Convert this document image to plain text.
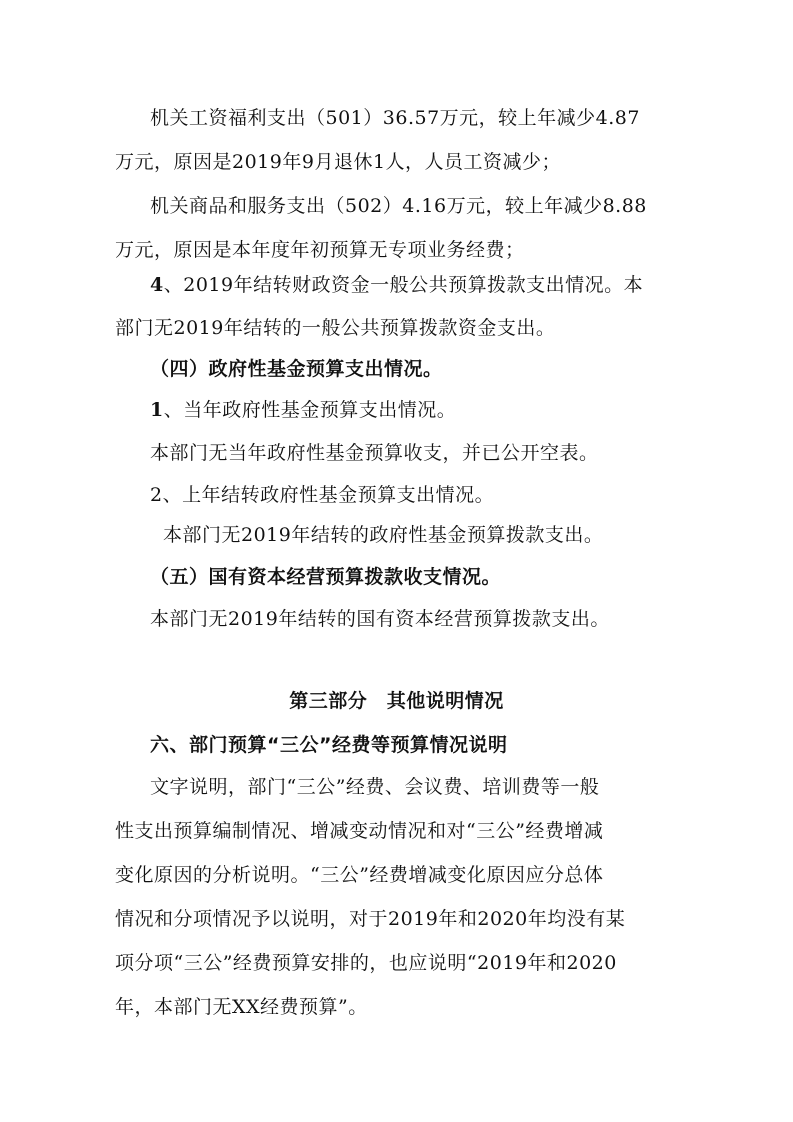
机关工资福利支出（501）36.57万元，较上年减少4.87
万元，原因是2019年9月退休1人，人员工资减少；
机关商品和服务支出（502）4.16万元，较上年减少8.88
万元，原因是本年度年初预算无专项业务经费；
4、2019年结转财政资金一般公共预算拨款支出情况。本
部门无2019年结转的一般公共预算拨款资金支出。
（四）政府性基金预算支出情况。
1、当年政府性基金预算支出情况。
本部门无当年政府性基金预算收支，并已公开空表。
2、上年结转政府性基金预算支出情况。
本部门无2019年结转的政府性基金预算拨款支出。
（五）国有资本经营预算拨款收支情况。
本部门无2019年结转的国有资本经营预算拨款支出。
第三部分　其他说明情况
六、部门预算“三公”经费等预算情况说明
文字说明，部门“三公”经费、会议费、培训费等一般
性支出预算编制情况、增减变动情况和对“三公”经费增减
变化原因的分析说明。“三公”经费增减变化原因应分总体
情况和分项情况予以说明，对于2019年和2020年均没有某
项分项“三公”经费预算安排的，也应说明“2019年和2020
年，本部门无XX经费预算”。
